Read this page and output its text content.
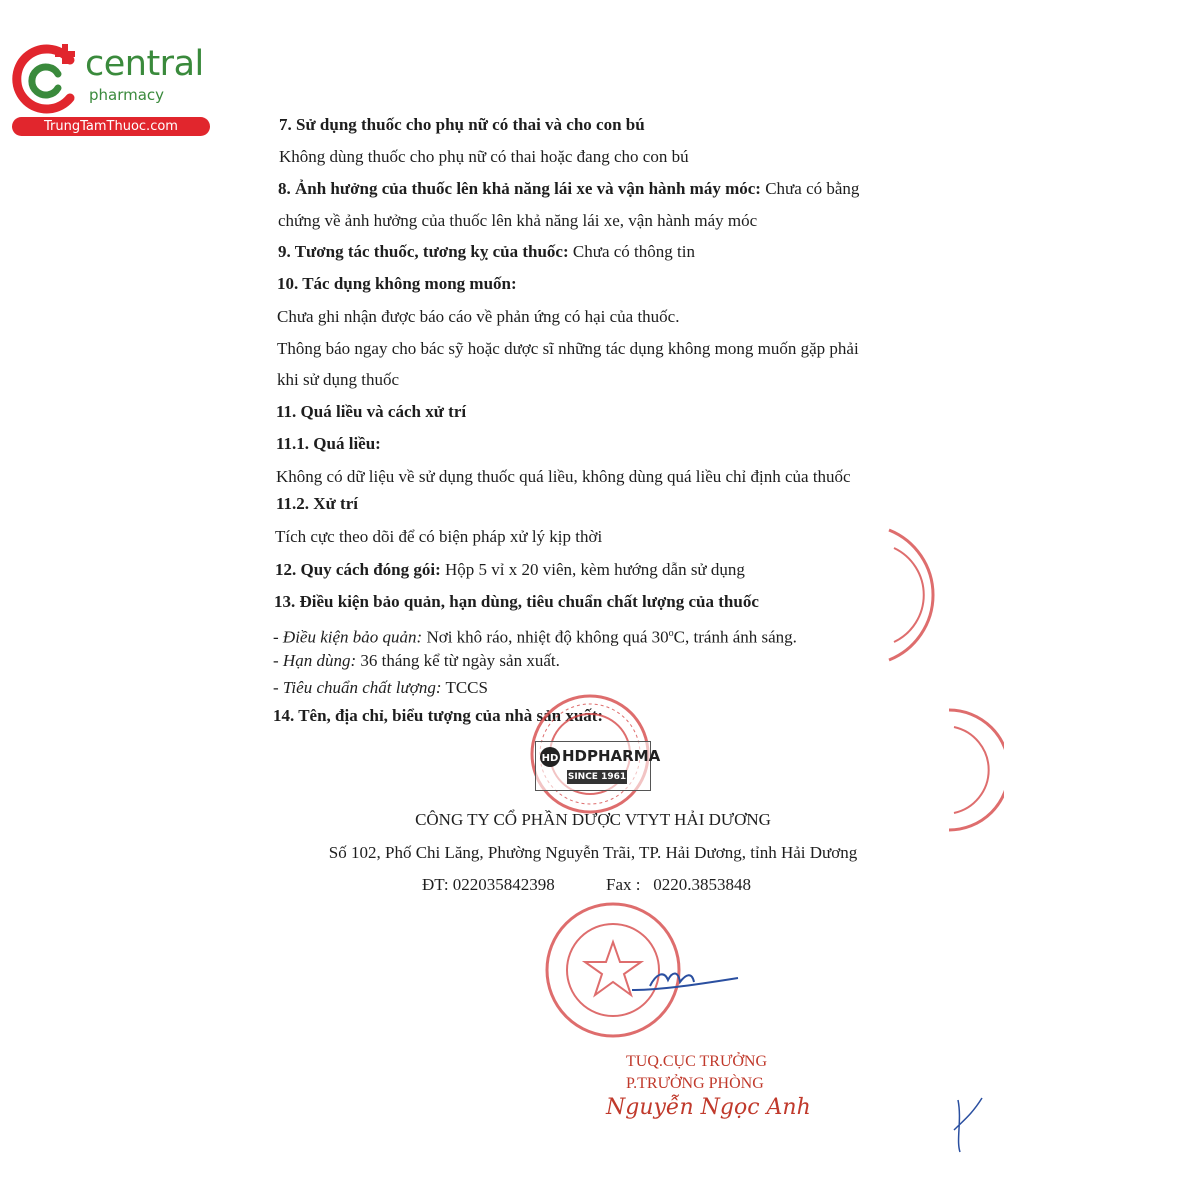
central
pharmacy
TrungTamThuoc.com	7. Sử dụng thuốc cho phụ nữ có thai và cho con bú
Không dùng thuốc cho phụ nữ có thai hoặc đang cho con bú
8. Ảnh hưởng của thuốc lên khả năng lái xe và vận hành máy móc: Chưa có bằng
chứng về ảnh hưởng của thuốc lên khả năng lái xe, vận hành máy móc
9. Tương tác thuốc, tương kỵ của thuốc: Chưa có thông tin
10. Tác dụng không mong muốn:
Chưa ghi nhận được báo cáo về phản ứng có hại của thuốc.
Thông báo ngay cho bác sỹ hoặc dược sĩ những tác dụng không mong muốn gặp phải
khi sử dụng thuốc
11. Quá liều và cách xử trí
11.1. Quá liều:
Không có dữ liệu về sử dụng thuốc quá liều, không dùng quá liều chỉ định của thuốc
11.2. Xử trí
Tích cực theo dõi để có biện pháp xử lý kịp thời
12. Quy cách đóng gói: Hộp 5 vỉ x 20 viên, kèm hướng dẫn sử dụng
13. Điều kiện bảo quản, hạn dùng, tiêu chuẩn chất lượng của thuốc
- Điều kiện bảo quản: Nơi khô ráo, nhiệt độ không quá 30$^o$C, tránh ánh sáng.
- Hạn dùng: 36 tháng kể từ ngày sản xuất.
- Tiêu chuẩn chất lượng: TCCS
14. Tên, địa chỉ, biểu tượng của nhà sản xuất:
HD HDPHARMA
SINCE 1961
CÔNG TY CỔ PHẦN DƯỢC VTYT HẢI DƯƠNG
Số 102, Phố Chi Lăng, Phường Nguyễn Trãi, TP. Hải Dương, tỉnh Hải Dương
ĐT: 022035842398	Fax :   0220.3853848
TUQ.CỤC TRƯỞNG
P.TRƯỞNG PHÒNG
Nguyễn Ngọc Anh
